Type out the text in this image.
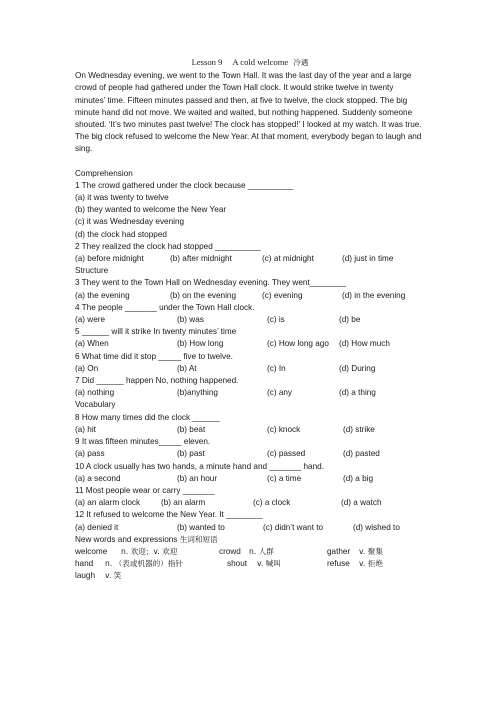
Lesson 9 A cold welcome 冷遇

On Wednesday evening, we went to the Town Hall. It was the last day of the year and a large crowd of people had gathered under the Town Hall clock. It would strike twelve in twenty minutes’ time. Fifteen minutes passed and then, at five to twelve, the clock stopped. The big minute hand did not move. We waited and waited, but nothing happened. Suddenly someone shouted. ‘It’s two minutes past twelve! The clock has stopped!’ I looked at my watch. It was true. The big clock refused to welcome the New Year. At that moment, everybody began to laugh and sing.

Comprehension
1 The crowd gathered under the clock because __________
(a) it was twenty to twelve
(b) they wanted to welcome the New Year
(c) it was Wednesday evening
(d) the clock had stopped
2 They realized the clock had stopped __________
(a) before midnight	(b) after midnight	(c) at midnight	(d) just in time
Structure
3 They went to the Town Hall on Wednesday evening. They went________
(a) the evening	(b) on the evening	(c) evening	(d) in the evening
4 The people _______ under the Town Hall clock.
(a) were	(b) was	(c) is	(d) be
5 ______ will it strike In twenty minutes’ time
(a) When	(b) How long	(c) How long ago	(d) How much
6 What time did it stop _____ five to twelve.
(a) On	(b) At	(c) In	(d) During
7 Did ______ happen No, nothing happened.
(a) nothing	(b)anything	(c) any	(d) a thing
Vocabulary
8 How many times did the clock ______
(a) hit	(b) beat	(c) knock	(d) strike
9 It was fifteen minutes_____ eleven.
(a) pass	(b) past	(c) passed	(d) pasted
10 A clock usually has two hands, a minute hand and _______ hand.
(a) a second	(b) an hour	(c) a time	(d) a big
11 Most people wear or carry _______
(a) an alarm clock	(b) an alarm	(c) a clock	(d) a watch
12 It refused to welcome the New Year. It ________
(a) denied it	(b) wanted to	(c) didn’t want to	(d) wished to
New words and expressions 生词和短语
welcome	n. 欢迎；v. 欢迎	crowd	n. 人群	gather	v. 聚集
hand	n. （表或机器的）指针	shout	v. 喊叫	refuse	v. 拒绝
laugh	v. 笑
